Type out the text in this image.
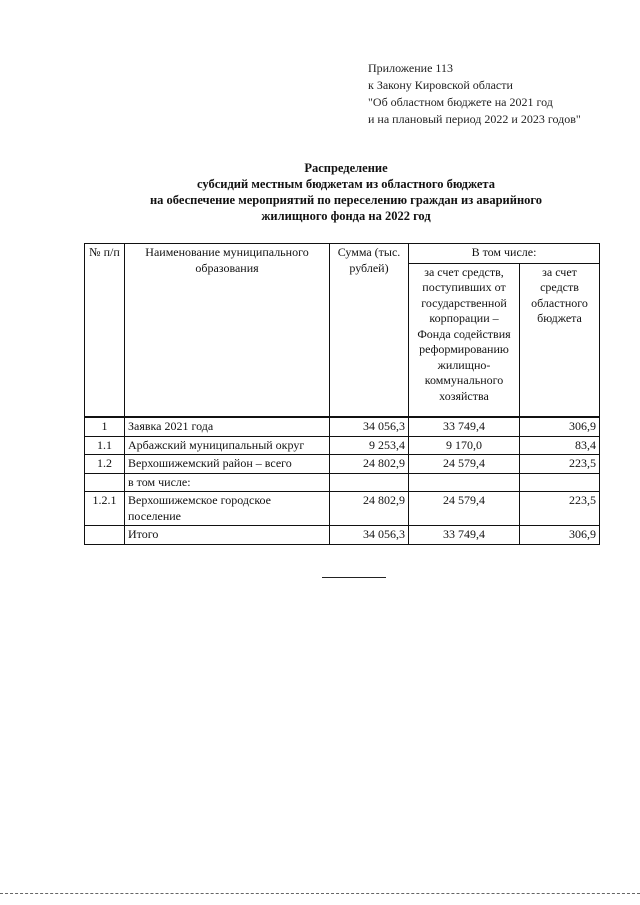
Приложение 113
к Закону Кировской области
"Об областном бюджете на 2021 год
и на плановый период 2022 и 2023 годов"
Распределение
субсидий местным бюджетам из областного бюджета
на обеспечение мероприятий по переселению граждан из аварийного
жилищного фонда на 2022 год
№ п/п	Наименование муниципального образования	Сумма (тыс. рублей)	В том числе:	
			за счет средств, поступивших от государственной корпорации – Фонда содействия реформированию жилищно-коммунального хозяйства	за счет средств областного бюджета
1	Заявка 2021 года	34 056,3	33 749,4	306,9
1.1	Арбажский муниципальный округ	9 253,4	9 170,0	83,4
1.2	Верхошижемский район – всего	24 802,9	24 579,4	223,5
	в том числе:			
1.2.1	Верхошижемское городское поселение	24 802,9	24 579,4	223,5
	Итого	34 056,3	33 749,4	306,9
